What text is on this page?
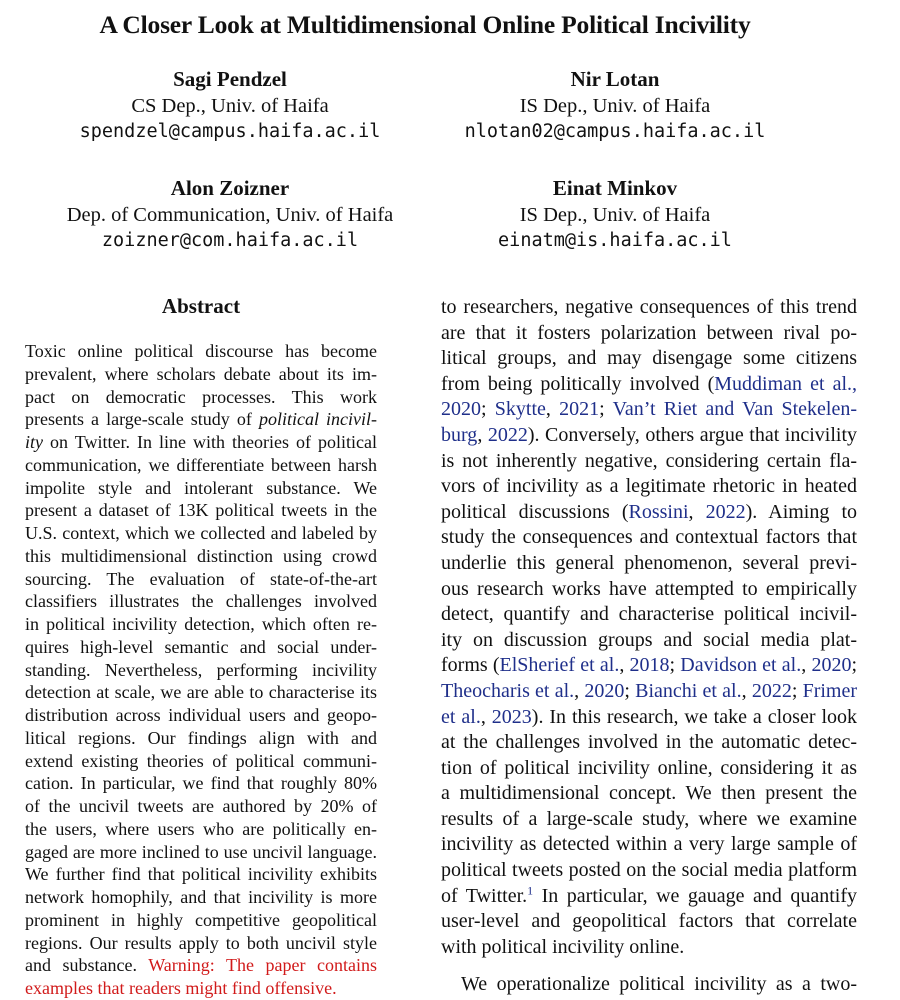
A Closer Look at Multidimensional Online Political Incivility
Sagi Pendzel
CS Dep., Univ. of Haifa
spendzel@campus.haifa.ac.il
Nir Lotan
IS Dep., Univ. of Haifa
nlotan02@campus.haifa.ac.il
Alon Zoizner
Dep. of Communication, Univ. of Haifa
zoizner@com.haifa.ac.il
Einat Minkov
IS Dep., Univ. of Haifa
einatm@is.haifa.ac.il
Abstract
Toxic online political discourse has become
prevalent, where scholars debate about its im-
pact on democratic processes. This work
presents a large-scale study of political incivil-
ity on Twitter. In line with theories of political
communication, we differentiate between harsh
impolite style and intolerant substance. We
present a dataset of 13K political tweets in the
U.S. context, which we collected and labeled by
this multidimensional distinction using crowd
sourcing. The evaluation of state-of-the-art
classifiers illustrates the challenges involved
in political incivility detection, which often re-
quires high-level semantic and social under-
standing. Nevertheless, performing incivility
detection at scale, we are able to characterise its
distribution across individual users and geopo-
litical regions. Our findings align with and
extend existing theories of political communi-
cation. In particular, we find that roughly 80%
of the uncivil tweets are authored by 20% of
the users, where users who are politically en-
gaged are more inclined to use uncivil language.
We further find that political incivility exhibits
network homophily, and that incivility is more
prominent in highly competitive geopolitical
regions. Our results apply to both uncivil style
and substance. Warning: The paper contains
examples that readers might find offensive.
to researchers, negative consequences of this trend
are that it fosters polarization between rival po-
litical groups, and may disengage some citizens
from being politically involved (Muddiman et al.,
2020; Skytte, 2021; Van’t Riet and Van Stekelen-
burg, 2022). Conversely, others argue that incivility
is not inherently negative, considering certain fla-
vors of incivility as a legitimate rhetoric in heated
political discussions (Rossini, 2022). Aiming to
study the consequences and contextual factors that
underlie this general phenomenon, several previ-
ous research works have attempted to empirically
detect, quantify and characterise political incivil-
ity on discussion groups and social media plat-
forms (ElSherief et al., 2018; Davidson et al., 2020;
Theocharis et al., 2020; Bianchi et al., 2022; Frimer
et al., 2023). In this research, we take a closer look
at the challenges involved in the automatic detec-
tion of political incivility online, considering it as
a multidimensional concept. We then present the
results of a large-scale study, where we examine
incivility as detected within a very large sample of
political tweets posted on the social media platform
of Twitter.$^1$ In particular, we gauage and quantify
user-level and geopolitical factors that correlate
with political incivility online.
We operationalize political incivility as a two-
